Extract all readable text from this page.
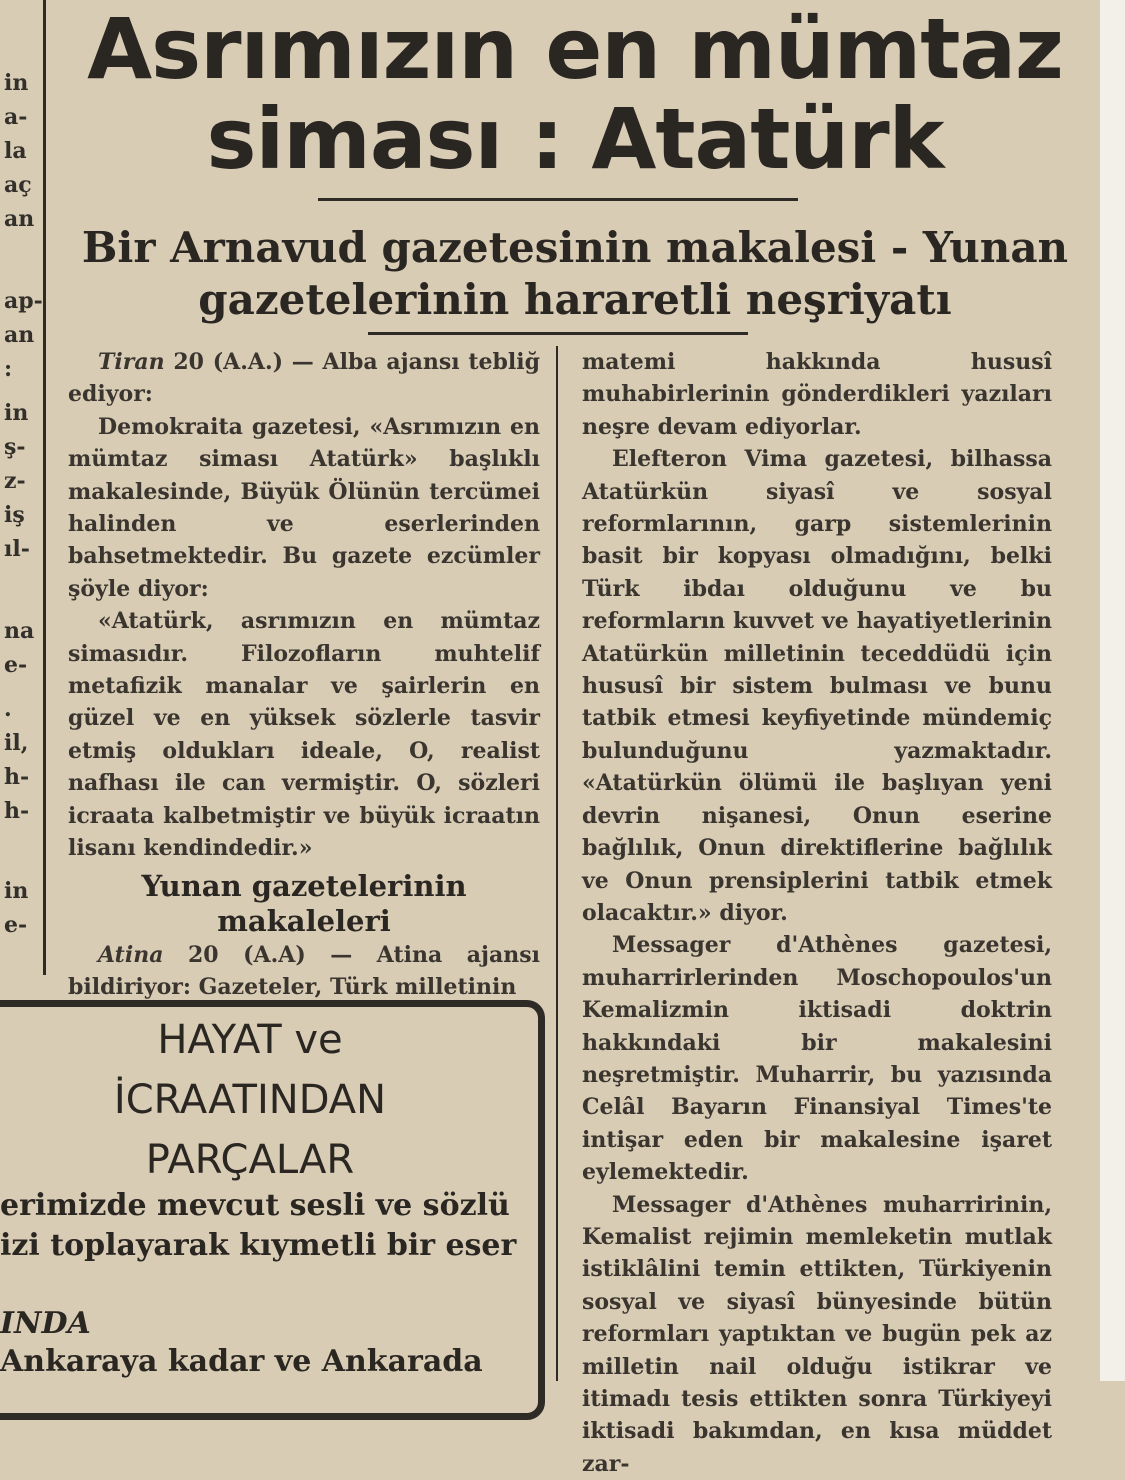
in
a-
la
aç
an
ap-
an
:
in
ş-
z-
iş
ıl-
na
e-
.
il,
h-
h-
in
e-
Asrımızın en mümtaz
siması : Atatürk
Bir Arnavud gazetesinin makalesi - Yunan
gazetelerinin hararetli neşriyatı

Tiran 20 (A.A.) — Alba ajansı tebliğ ediyor:

Demokraita gazetesi, «Asrımızın en mümtaz siması Atatürk» başlıklı makalesinde, Büyük Ölünün tercümei halinden ve eserlerinden bahsetmektedir. Bu gazete ezcümler şöyle diyor:

«Atatürk, asrımızın en mümtaz simasıdır. Filozofların muhtelif metafizik manalar ve şairlerin en güzel ve en yüksek sözlerle tasvir etmiş oldukları ideale, O, realist nafhası ile can vermiştir. O, sözleri icraata kalbetmiştir ve büyük icraatın lisanı kendindedir.»

Yunan gazetelerinin makaleleri

Atina 20 (A.A) — Atina ajansı bildiriyor: Gazeteler, Türk milletinin

matemi hakkında hususî muhabirlerinin gönderdikleri yazıları neşre devam ediyorlar.

Elefteron Vima gazetesi, bilhassa Atatürkün siyasî ve sosyal reformlarının, garp sistemlerinin basit bir kopyası olmadığını, belki Türk ibdaı olduğunu ve bu reformların kuvvet ve hayatiyetlerinin Atatürkün milletinin teceddüdü için hususî bir sistem bulması ve bunu tatbik etmesi keyfiyetinde mündemiç bulunduğunu yazmaktadır. «Atatürkün ölümü ile başlıyan yeni devrin nişanesi, Onun eserine bağlılık, Onun direktiflerine bağlılık ve Onun prensiplerini tatbik etmek olacaktır.» diyor.

Messager d'Athènes gazetesi, muharrirlerinden Moschopoulos'un Kemalizmin iktisadi doktrin hakkındaki bir makalesini neşretmiştir. Muharrir, bu yazısında Celâl Bayarın Finansiyal Times'te intişar eden bir makalesine işaret eylemektedir.

Messager d'Athènes muharririnin, Kemalist rejimin memleketin mutlak istiklâlini temin ettikten, Türkiyenin sosyal ve siyasî bünyesinde bütün reformları yaptıktan ve bugün pek az milletin nail olduğu istikrar ve itimadı tesis ettikten sonra Türkiyeyi iktisadi bakımdan, en kısa müddet zar-

HAYAT ve
İCRAATINDAN
PARÇALAR
erimizde mevcut sesli ve sözlü
izi toplayarak kıymetli bir eser
INDA
Ankaraya kadar ve Ankarada
